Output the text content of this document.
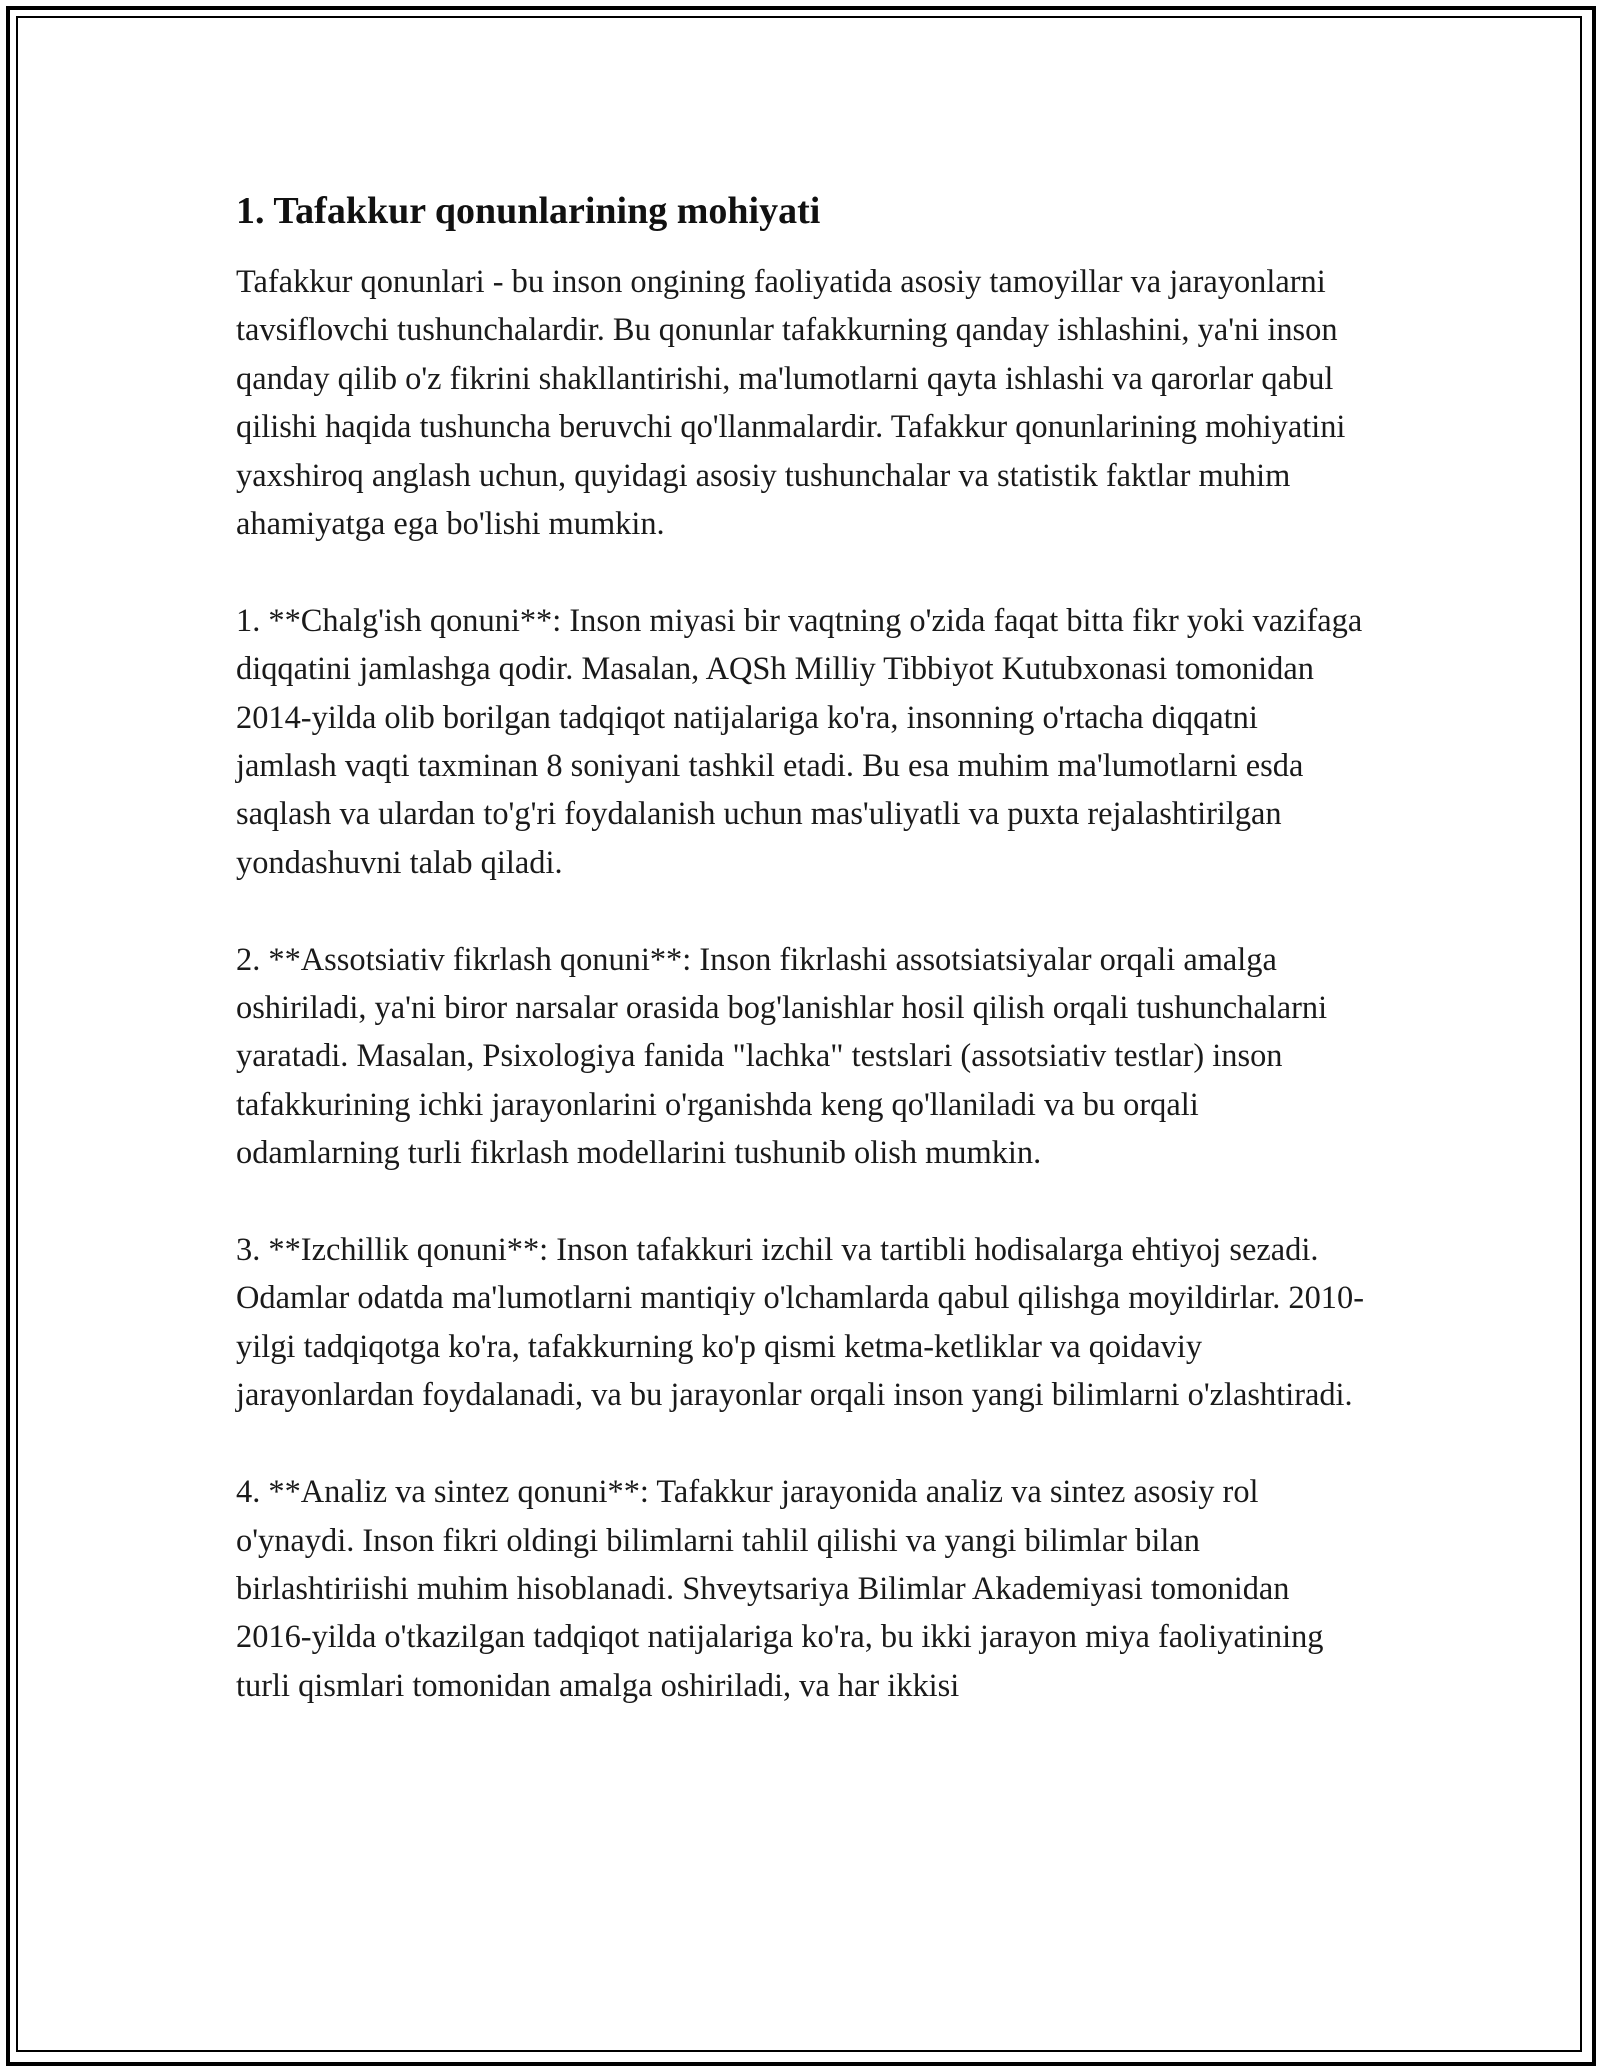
1. Tafakkur qonunlarining mohiyati

Tafakkur qonunlari - bu inson ongining faoliyatida asosiy tamoyillar va jarayonlarni tavsiflovchi tushunchalardir. Bu qonunlar tafakkurning qanday ishlashini, ya'ni inson qanday qilib o'z fikrini shakllantirishi, ma'lumotlarni qayta ishlashi va qarorlar qabul qilishi haqida tushuncha beruvchi qo'llanmalardir. Tafakkur qonunlarining mohiyatini yaxshiroq anglash uchun, quyidagi asosiy tushunchalar va statistik faktlar muhim ahamiyatga ega bo'lishi mumkin.

1. **Chalg'ish qonuni**: Inson miyasi bir vaqtning o'zida faqat bitta fikr yoki vazifaga diqqatini jamlashga qodir. Masalan, AQSh Milliy Tibbiyot Kutubxonasi tomonidan 2014-yilda olib borilgan tadqiqot natijalariga ko'ra, insonning o'rtacha diqqatni jamlash vaqti taxminan 8 soniyani tashkil etadi. Bu esa muhim ma'lumotlarni esda saqlash va ulardan to'g'ri foydalanish uchun mas'uliyatli va puxta rejalashtirilgan yondashuvni talab qiladi.

2. **Assotsiativ fikrlash qonuni**: Inson fikrlashi assotsiatsiyalar orqali amalga oshiriladi, ya'ni biror narsalar orasida bog'lanishlar hosil qilish orqali tushunchalarni yaratadi. Masalan, Psixologiya fanida "lachka" testslari (assotsiativ testlar) inson tafakkurining ichki jarayonlarini o'rganishda keng qo'llaniladi va bu orqali odamlarning turli fikrlash modellarini tushunib olish mumkin.

3. **Izchillik qonuni**: Inson tafakkuri izchil va tartibli hodisalarga ehtiyoj sezadi. Odamlar odatda ma'lumotlarni mantiqiy o'lchamlarda qabul qilishga moyildirlar. 2010-yilgi tadqiqotga ko'ra, tafakkurning ko'p qismi ketma-ketliklar va qoidaviy jarayonlardan foydalanadi, va bu jarayonlar orqali inson yangi bilimlarni o'zlashtiradi.

4. **Analiz va sintez qonuni**: Tafakkur jarayonida analiz va sintez asosiy rol o'ynaydi. Inson fikri oldingi bilimlarni tahlil qilishi va yangi bilimlar bilan birlashtiriishi muhim hisoblanadi. Shveytsariya Bilimlar Akademiyasi tomonidan 2016-yilda o'tkazilgan tadqiqot natijalariga ko'ra, bu ikki jarayon miya faoliyatining turli qismlari tomonidan amalga oshiriladi, va har ikkisi
